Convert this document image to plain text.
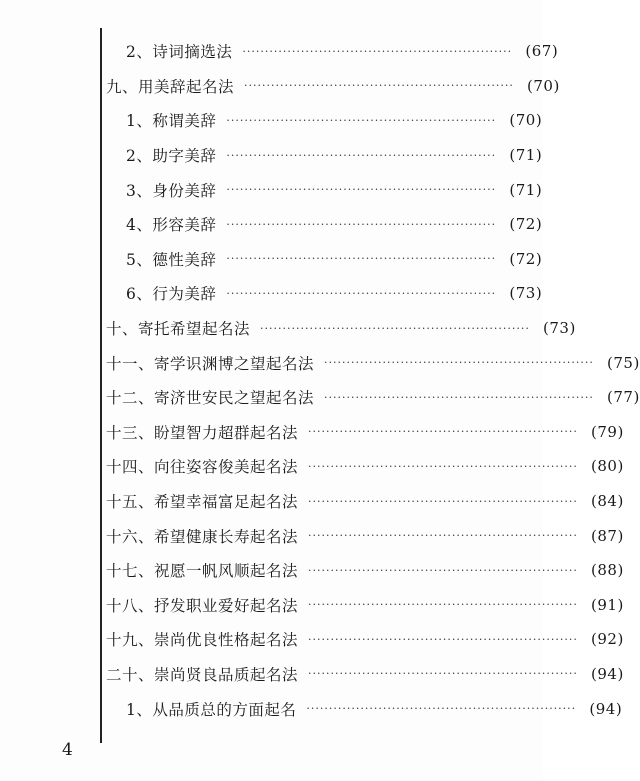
2、诗词摘选法 ···························································· (67)
九、用美辞起名法 ···························································· (70)
1、称谓美辞 ···························································· (70)
2、助字美辞 ···························································· (71)
3、身份美辞 ···························································· (71)
4、形容美辞 ···························································· (72)
5、德性美辞 ···························································· (72)
6、行为美辞 ···························································· (73)
十、寄托希望起名法 ···························································· (73)
十一、寄学识渊博之望起名法 ···························································· (75)
十二、寄济世安民之望起名法 ···························································· (77)
十三、盼望智力超群起名法 ···························································· (79)
十四、向往姿容俊美起名法 ···························································· (80)
十五、希望幸福富足起名法 ···························································· (84)
十六、希望健康长寿起名法 ···························································· (87)
十七、祝愿一帆风顺起名法 ···························································· (88)
十八、抒发职业爱好起名法 ···························································· (91)
十九、崇尚优良性格起名法 ···························································· (92)
二十、崇尚贤良品质起名法 ···························································· (94)
1、从品质总的方面起名 ···························································· (94)
4
